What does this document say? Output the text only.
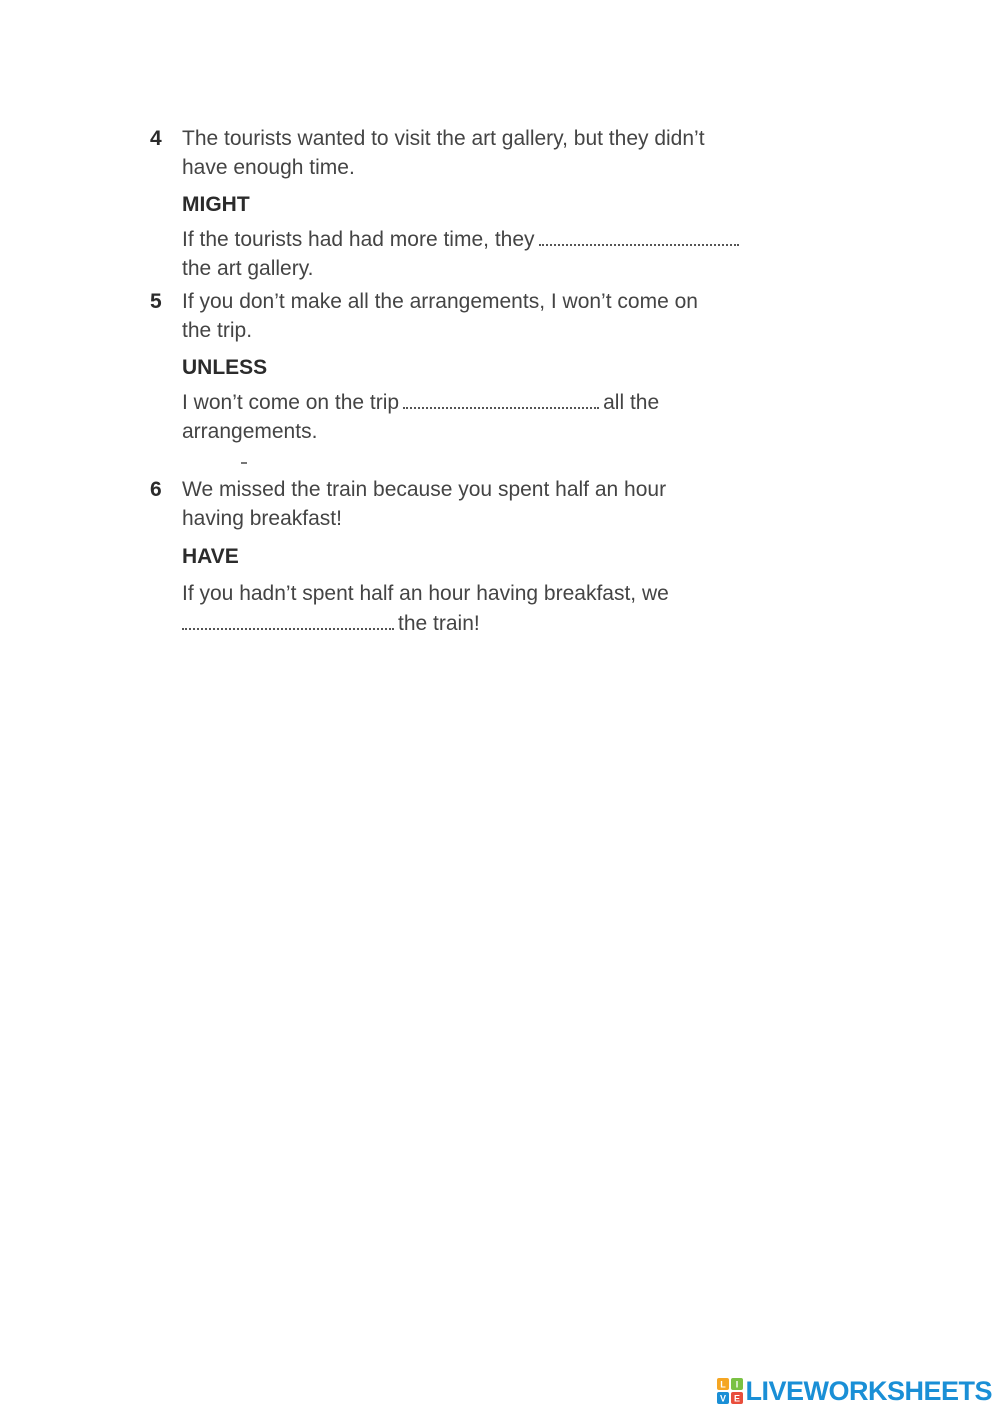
4 The tourists wanted to visit the art gallery, but they didn’t

have enough time.

MIGHT

If the tourists had had more time, they

the art gallery.

5 If you don’t make all the arrangements, I won’t come on

the trip.

UNLESS

I won’t come on the trip	all the

arrangements.

6 We missed the train because you spent half an hour

having breakfast!

HAVE

If you hadn’t spent half an hour having breakfast, we

the train!

L I
V E LIVEWORKSHEETS
